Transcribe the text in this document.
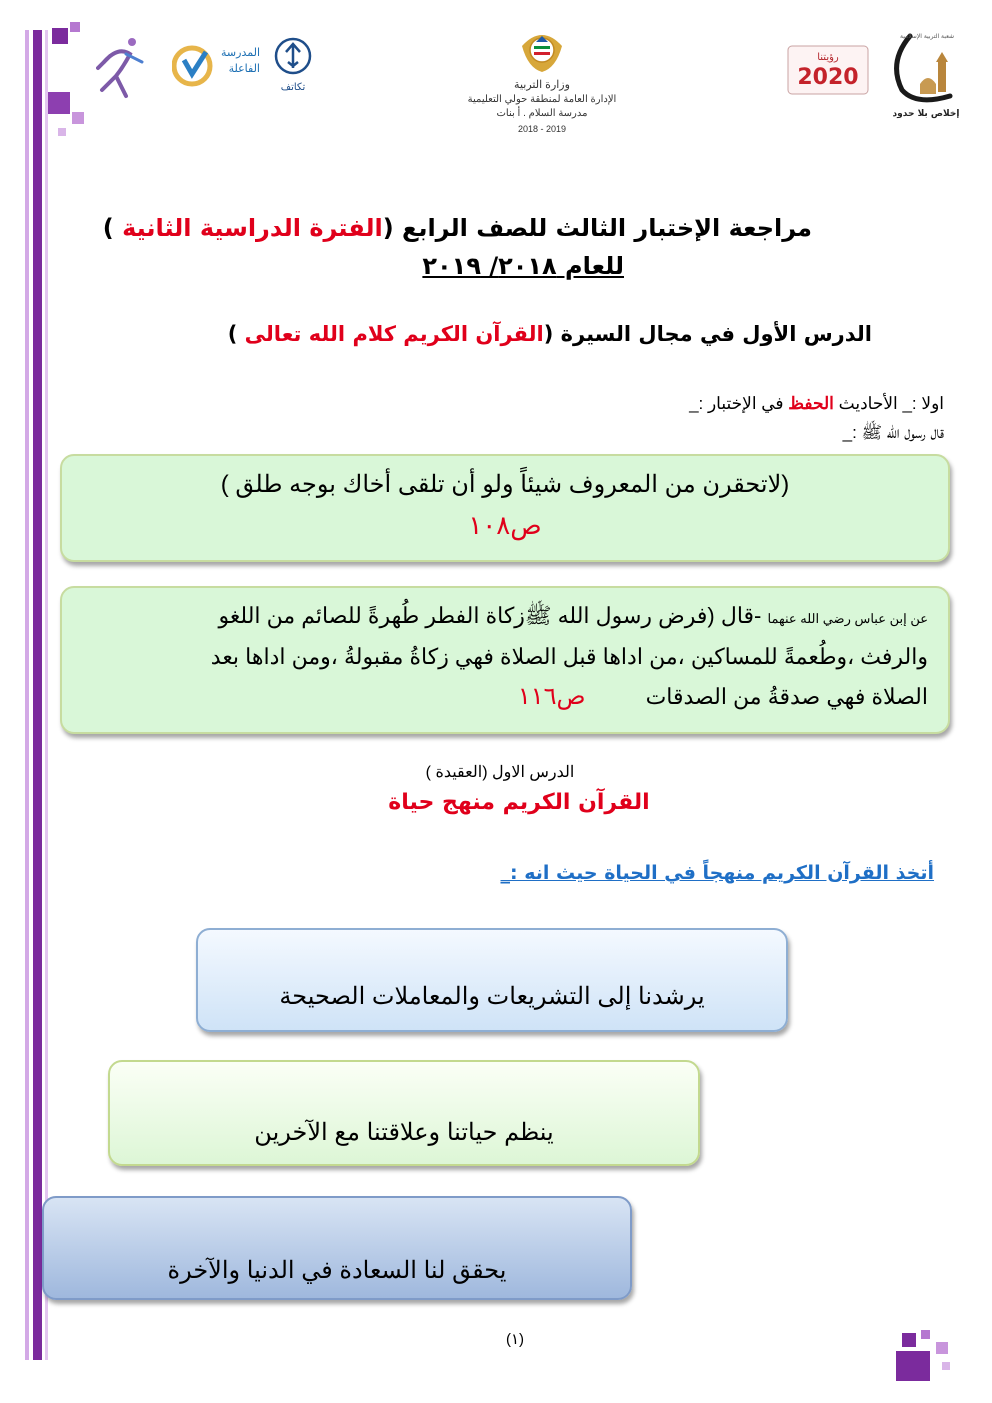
المدرسة
الفاعلة
تكاتف	وزارة التربية
الإدارة العامة لمنطقة حولي التعليمية
مدرسة السلام . أ بنات
2018 - 2019
رؤيتنا
2020
شعبة التربية الإسلامية
إخلاص بلا حدود
مراجعة الإختبار الثالث للصف الرابع (الفترة الدراسية الثانية )
للعام ٢٠١٨/ ٢٠١٩
الدرس الأول في مجال السيرة (القرآن الكريم كلام الله تعالى )
اولا :_ الأحاديث الحفظ في الإختبار :_
قال رسول الله ﷺ :_
(لاتحقرن من المعروف شيئاً ولو أن تلقى أخاك بوجه طلق )
ص١٠٨
عن إبن عباس رضي الله عنهما -قال (فرض رسول الله ﷺزكاة الفطر طُهرةً للصائم من اللغو
والرفث ،وطُعمةً للمساكين ،من اداها قبل الصلاة فهي زكاةُ مقبولةُ ،ومن اداها بعد
الصلاة فهي صدقةُ من الصدقاتص١١٦
الدرس الاول (العقيدة )
القرآن الكريم منهج حياة
أتخذ القرآن الكريم منهجاً في الحياة حيث انه :_
يرشدنا إلى التشريعات والمعاملات الصحيحة
ينظم حياتنا وعلاقتنا مع الآخرين
يحقق لنا السعادة في الدنيا والآخرة
(١)
